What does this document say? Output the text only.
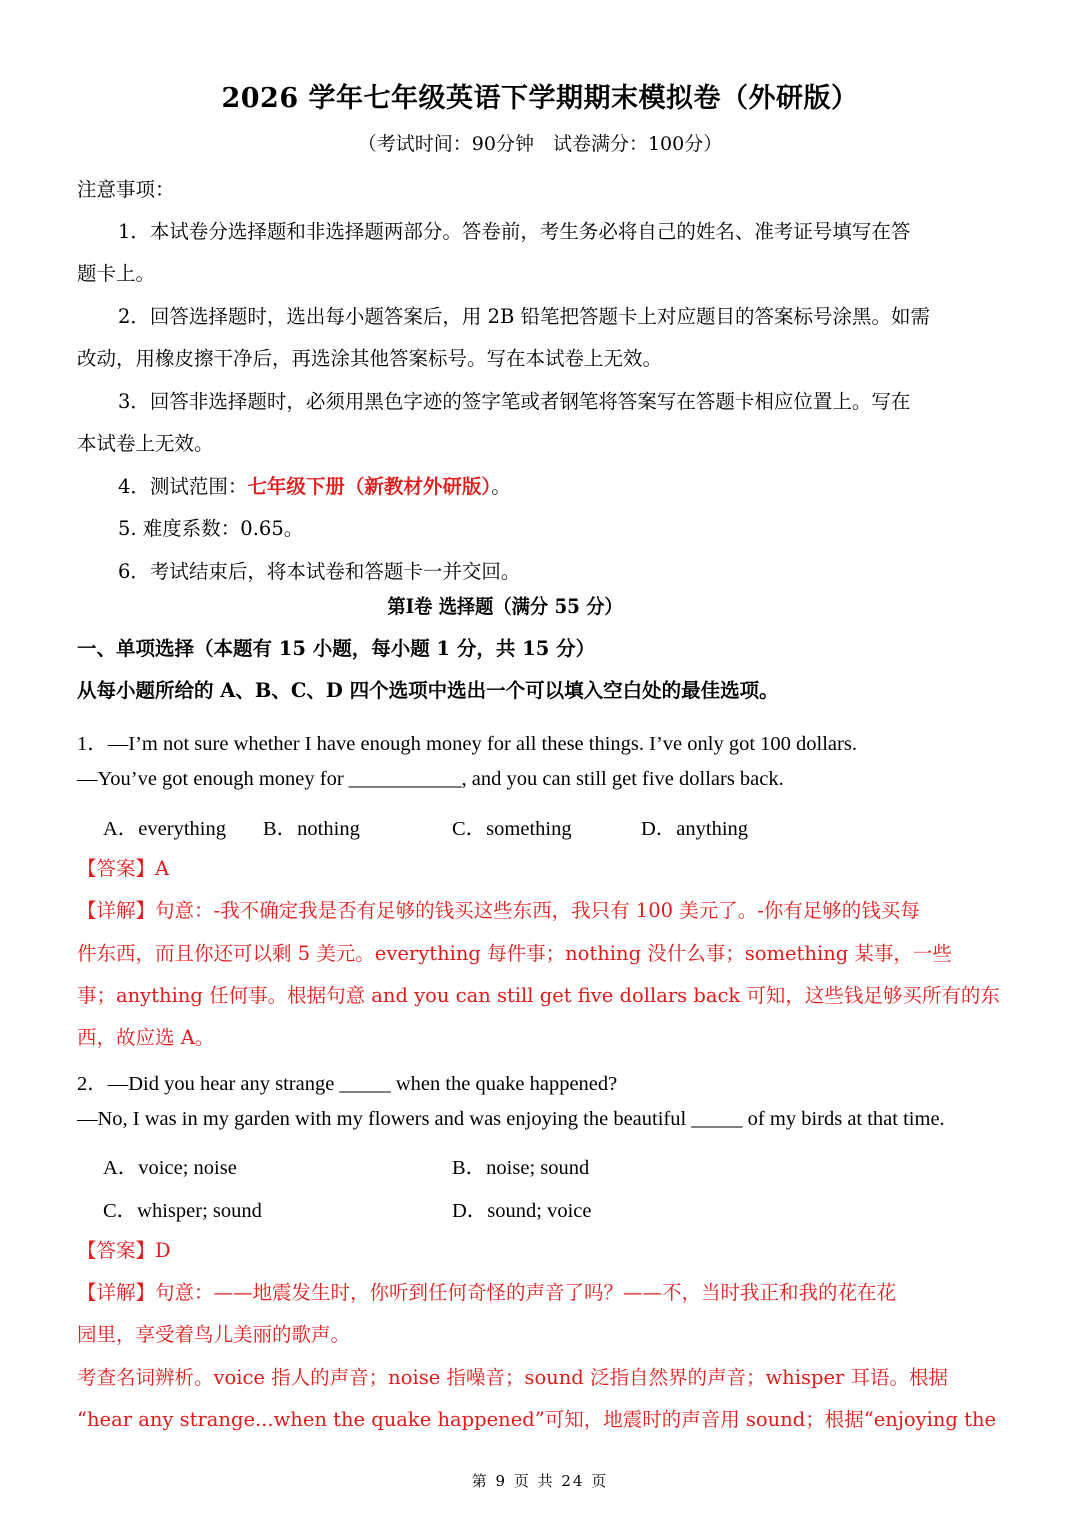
2026 学年七年级英语下学期期末模拟卷（外研版）
（考试时间：90分钟　试卷满分：100分）
注意事项：
1．本试卷分选择题和非选择题两部分。答卷前，考生务必将自己的姓名、准考证号填写在答
题卡上。
2．回答选择题时，选出每小题答案后，用 2B 铅笔把答题卡上对应题目的答案标号涂黑。如需
改动，用橡皮擦干净后，再选涂其他答案标号。写在本试卷上无效。
3．回答非选择题时，必须用黑色字迹的签字笔或者钢笔将答案写在答题卡相应位置上。写在
本试卷上无效。
4．测试范围：七年级下册（新教材外研版）。
5. 难度系数：0.65。
6．考试结束后，将本试卷和答题卡一并交回。
第I卷 选择题（满分 55 分）
一、单项选择（本题有 15 小题，每小题 1 分，共 15 分）
从每小题所给的 A、B、C、D 四个选项中选出一个可以填入空白处的最佳选项。
1．—I’m not sure whether I have enough money for all these things. I’ve only got 100 dollars.
—You’ve got enough money for ___________, and you can still get five dollars back.
A．everything B．nothing	C．something	D．anything
【答案】A
【详解】句意：-我不确定我是否有足够的钱买这些东西，我只有 100 美元了。-你有足够的钱买每
件东西，而且你还可以剩 5 美元。everything 每件事；nothing 没什么事；something 某事，一些
事；anything 任何事。根据句意 and you can still get five dollars back 可知，这些钱足够买所有的东
西，故应选 A。
2．—Did you hear any strange _____ when the quake happened?
—No, I was in my garden with my flowers and was enjoying the beautiful _____ of my birds at that time.
A．voice; noise	B．noise; sound
C．whisper; sound	D．sound; voice
【答案】D
【详解】句意：——地震发生时，你听到任何奇怪的声音了吗？——不，当时我正和我的花在花
园里，享受着鸟儿美丽的歌声。
考查名词辨析。voice 指人的声音；noise 指噪音；sound 泛指自然界的声音；whisper 耳语。根据
“hear any strange...when the quake happened”可知，地震时的声音用 sound；根据“enjoying the
第 9 页 共 24 页
